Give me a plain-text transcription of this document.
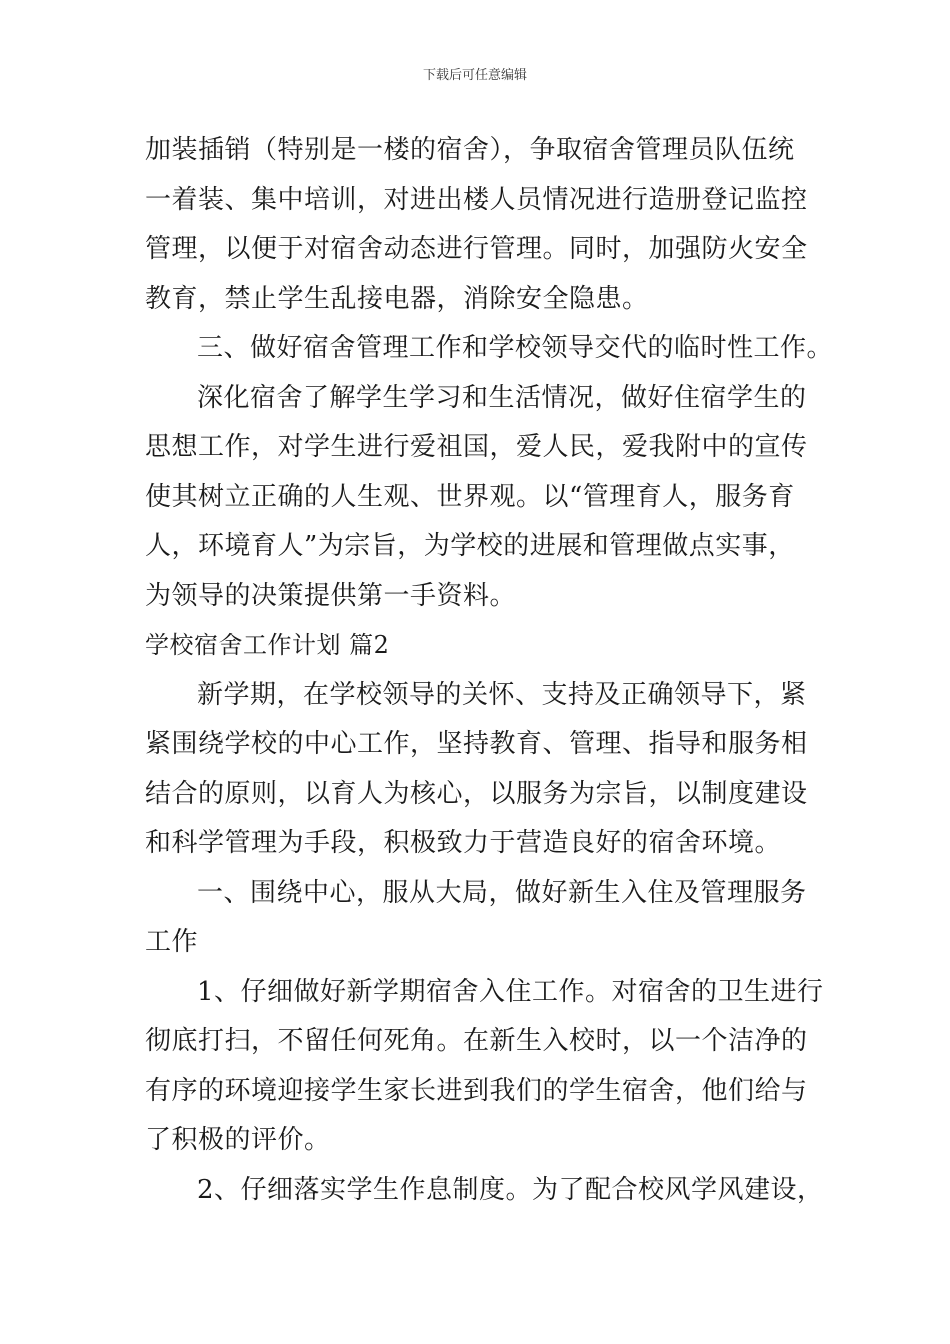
下载后可任意编辑
加装插销（特别是一楼的宿舍），争取宿舍管理员队伍统
一着装、集中培训，对进出楼人员情况进行造册登记监控
管理，以便于对宿舍动态进行管理。同时，加强防火安全
教育，禁止学生乱接电器，消除安全隐患。
三、做好宿舍管理工作和学校领导交代的临时性工作。
深化宿舍了解学生学习和生活情况，做好住宿学生的
思想工作，对学生进行爱祖国，爱人民，爱我附中的宣传
使其树立正确的人生观、世界观。以“管理育人，服务育
人，环境育人”为宗旨，为学校的进展和管理做点实事，
为领导的决策提供第一手资料。
学校宿舍工作计划 篇2
新学期，在学校领导的关怀、支持及正确领导下，紧
紧围绕学校的中心工作，坚持教育、管理、指导和服务相
结合的原则，以育人为核心，以服务为宗旨，以制度建设
和科学管理为手段，积极致力于营造良好的宿舍环境。
一、围绕中心，服从大局，做好新生入住及管理服务
工作
1、仔细做好新学期宿舍入住工作。对宿舍的卫生进行
彻底打扫，不留任何死角。在新生入校时，以一个洁净的
有序的环境迎接学生家长进到我们的学生宿舍，他们给与
了积极的评价。
2、仔细落实学生作息制度。为了配合校风学风建设，
